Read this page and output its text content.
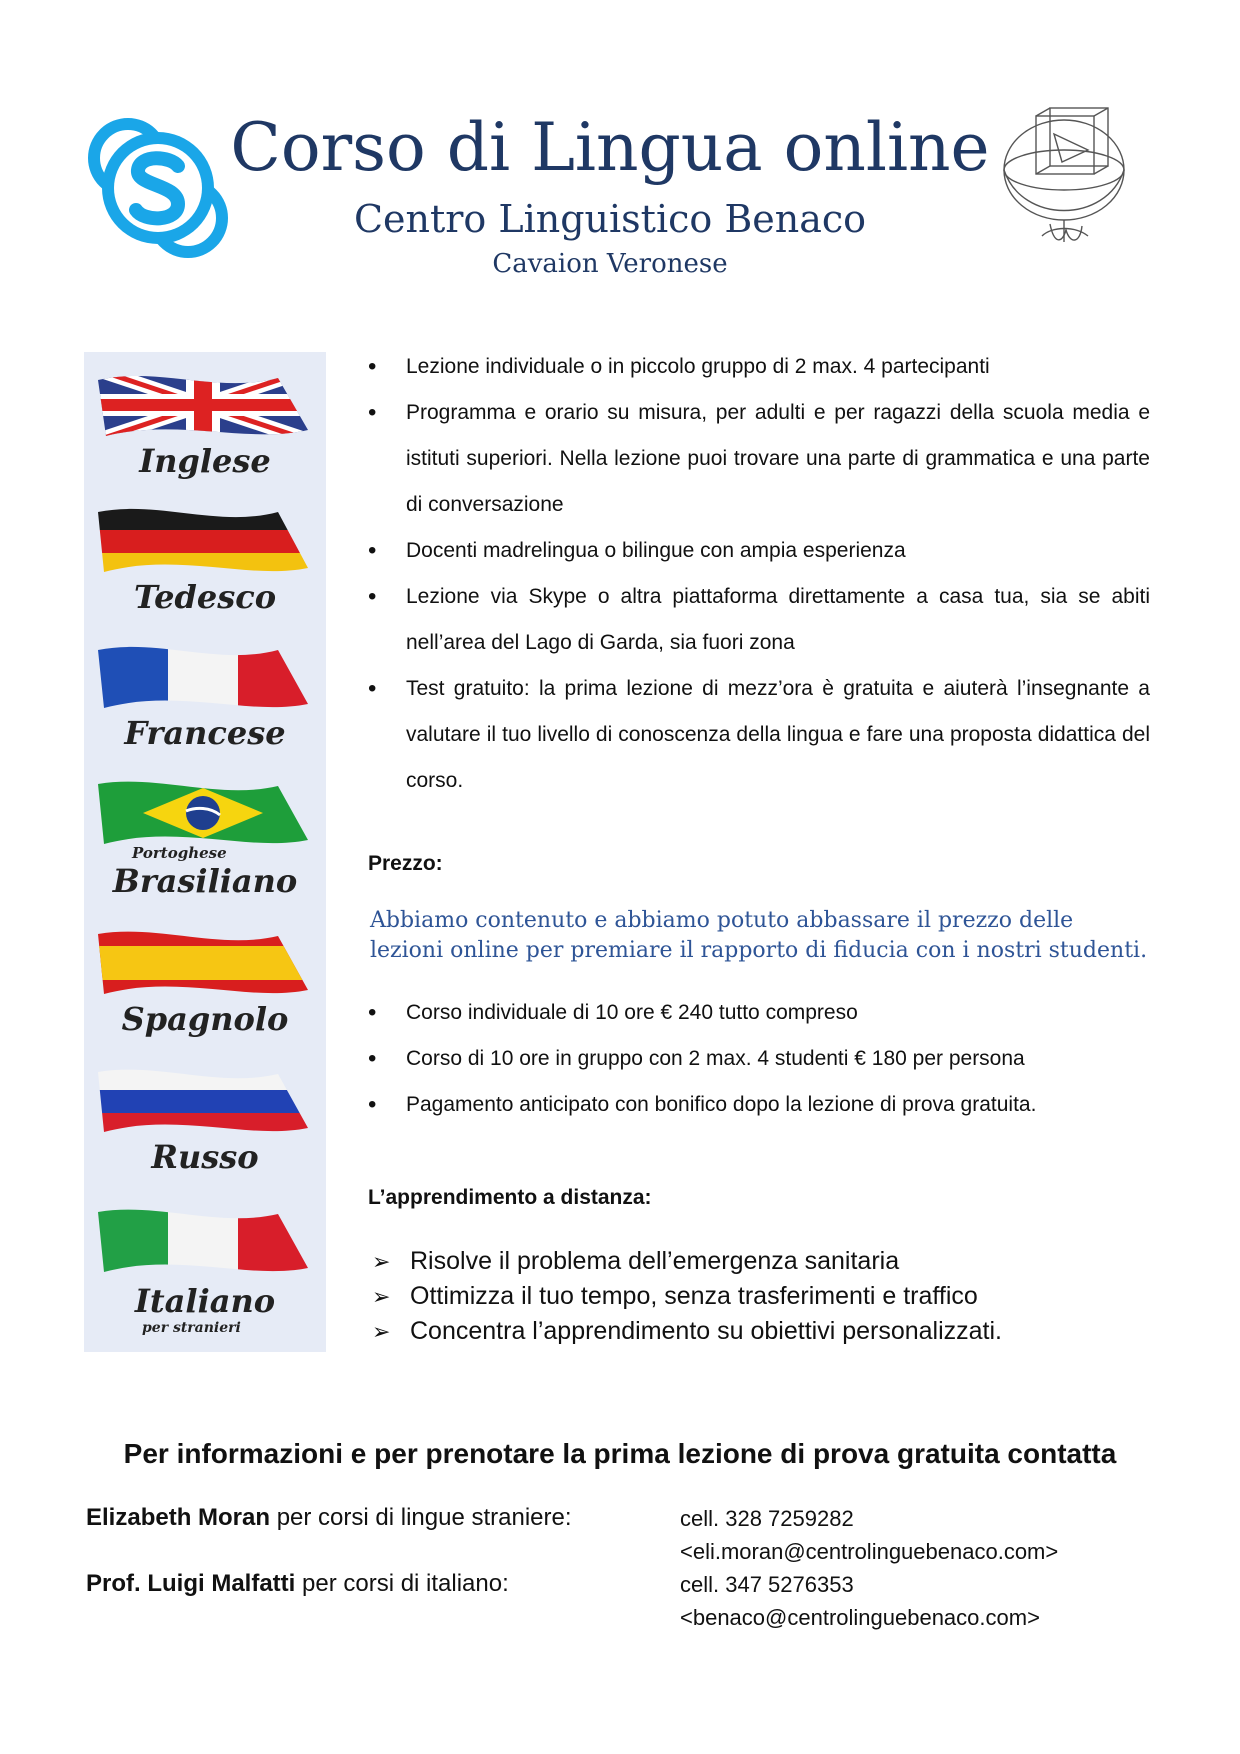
Corso di Lingua online
Centro Linguistico Benaco
Cavaion Veronese
Inglese
Tedesco
Francese
Portoghese
Brasiliano
Spagnolo
Russo
Italiano
per stranieri
• Lezione individuale o in piccolo gruppo di 2 max. 4 partecipanti
• Programma e orario su misura, per adulti e per ragazzi della scuola media e istituti superiori. Nella lezione puoi trovare una parte di grammatica e una parte di conversazione
• Docenti madrelingua o bilingue con ampia esperienza
• Lezione via Skype o altra piattaforma direttamente a casa tua, sia se abiti nell’area del Lago di Garda, sia fuori zona
• Test gratuito: la prima lezione di mezz’ora è gratuita e aiuterà l’insegnante a valutare il tuo livello di conoscenza della lingua e fare una proposta didattica del corso.
Prezzo:
Abbiamo contenuto e abbiamo potuto abbassare il prezzo delle lezioni online per premiare il rapporto di fiducia con i nostri studenti.
• Corso individuale di 10 ore € 240 tutto compreso
• Corso di 10 ore in gruppo con 2 max. 4 studenti € 180 per persona
• Pagamento anticipato con bonifico dopo la lezione di prova gratuita.
L’apprendimento a distanza:
➢ Risolve il problema dell’emergenza sanitaria
➢ Ottimizza il tuo tempo, senza trasferimenti e traffico
➢ Concentra l’apprendimento su obiettivi personalizzati.
Per informazioni e per prenotare la prima lezione di prova gratuita contatta
Elizabeth Moran per corsi di lingue straniere:	cell. 328 7259282
<eli.moran@centrolinguebenaco.com>
Prof. Luigi Malfatti per corsi di italiano:	cell. 347 5276353
<benaco@centrolinguebenaco.com>
